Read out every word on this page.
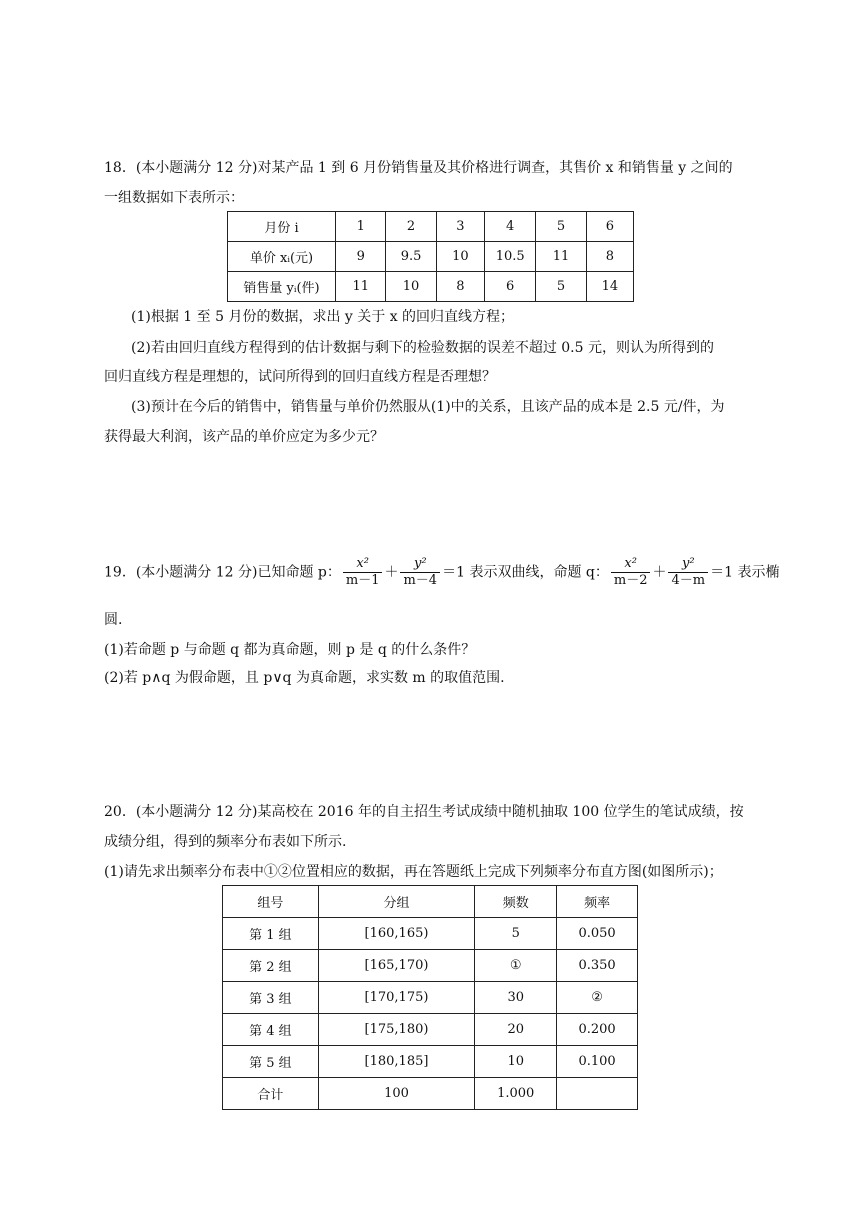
18．(本小题满分 12 分)对某产品 1 到 6 月份销售量及其价格进行调查，其售价 x 和销售量 y 之间的
一组数据如下表所示：
月份 i	1	2	3	4	5	6
单价 xᵢ(元)	9	9.5	10	10.5	11	8
销售量 yᵢ(件)	11	10	8	6	5	14
(1)根据 1 至 5 月份的数据，求出 y 关于 x 的回归直线方程；
(2)若由回归直线方程得到的估计数据与剩下的检验数据的误差不超过 0.5 元，则认为所得到的
回归直线方程是理想的，试问所得到的回归直线方程是否理想？
(3)预计在今后的销售中，销售量与单价仍然服从(1)中的关系，且该产品的成本是 2.5 元/件，为
获得最大利润，该产品的单价应定为多少元？
19．(本小题满分 12 分)已知命题 p： $\frac{\text{x²}}{m-1} + \frac{\text{y²}}{m-4} =1$ 表示双曲线，命题 q： $\frac{\text{x²}}{m-2} + \frac{\text{y²}}{4-m} =1$ 表示椭
圆.
(1)若命题 p 与命题 q 都为真命题，则 p 是 q 的什么条件？
(2)若 p∧q 为假命题，且 p∨q 为真命题，求实数 m 的取值范围.
20．(本小题满分 12 分)某高校在 2016 年的自主招生考试成绩中随机抽取 100 位学生的笔试成绩，按
成绩分组，得到的频率分布表如下所示.
(1)请先求出频率分布表中①②位置相应的数据，再在答题纸上完成下列频率分布直方图(如图所示)；
组号	分组	频数	频率
第 1 组	[160,165)	5	0.050
第 2 组	[165,170)	①	0.350
第 3 组	[170,175)	30	②
第 4 组	[175,180)	20	0.200
第 5 组	[180,185]	10	0.100
合计	100	1.000	
